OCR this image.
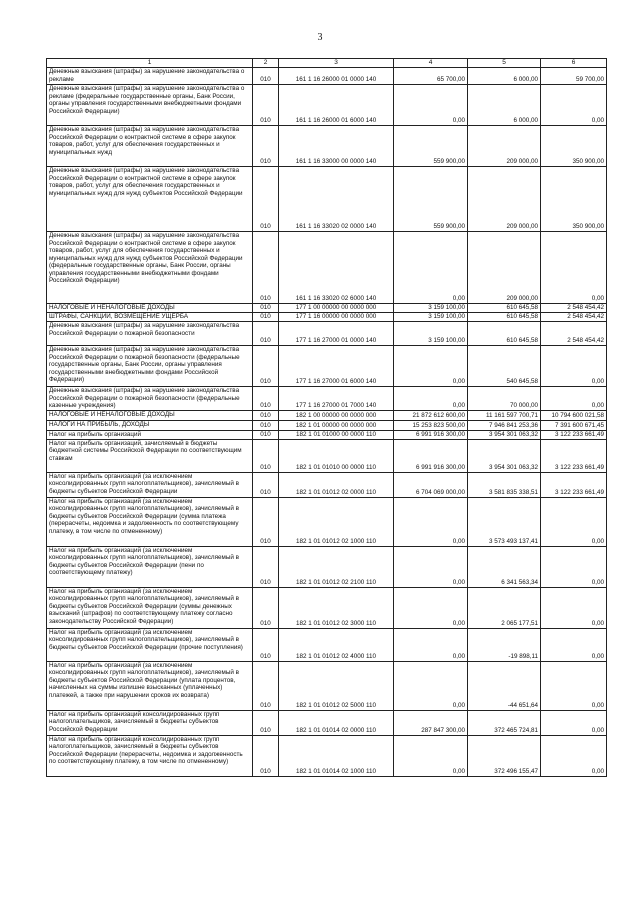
3
1	2	3	4	5	6
Денежные взыскания (штрафы) за нарушение законодательства о рекламе	010	161 1 16 26000 01 0000 140	65 700,00	6 000,00	59 700,00
Денежные взыскания (штрафы) за нарушение законодательства о рекламе (федеральные государственные органы, Банк России, органы управления государственными внебюджетными фондами Российской Федерации)	010	161 1 16 26000 01 6000 140	0,00	6 000,00	0,00
Денежные взыскания (штрафы) за нарушение законодательства Российской Федерации о контрактной системе в сфере закупок товаров, работ, услуг для обеспечения государственных и муниципальных нужд	010	161 1 16 33000 00 0000 140	559 900,00	209 000,00	350 900,00
Денежные взыскания (штрафы) за нарушение законодательства Российской Федерации о контрактной системе в сфере закупок товаров, работ, услуг для обеспечения государственных и муниципальных нужд для нужд субъектов Российской Федерации	010	161 1 16 33020 02 0000 140	559 900,00	209 000,00	350 900,00
Денежные взыскания (штрафы) за нарушение законодательства Российской Федерации о контрактной системе в сфере закупок товаров, работ, услуг для обеспечения государственных и муниципальных нужд для нужд субъектов Российской Федерации (федеральные государственные органы, Банк России, органы управления государственными внебюджетными фондами Российской Федерации)	010	161 1 16 33020 02 6000 140	0,00	209 000,00	0,00
НАЛОГОВЫЕ И НЕНАЛОГОВЫЕ ДОХОДЫ	010	177 1 00 00000 00 0000 000	3 159 100,00	610 645,58	2 548 454,42
ШТРАФЫ, САНКЦИИ, ВОЗМЕЩЕНИЕ УЩЕРБА	010	177 1 16 00000 00 0000 000	3 159 100,00	610 645,58	2 548 454,42
Денежные взыскания (штрафы) за нарушение законодательства Российской Федерации о пожарной безопасности	010	177 1 16 27000 01 0000 140	3 159 100,00	610 645,58	2 548 454,42
Денежные взыскания (штрафы) за нарушение законодательства Российской Федерации о пожарной безопасности (федеральные государственные органы, Банк России, органы управления государственными внебюджетными фондами Российской Федерации)	010	177 1 16 27000 01 6000 140	0,00	540 645,58	0,00
Денежные взыскания (штрафы) за нарушение законодательства Российской Федерации о пожарной безопасности (федеральные казенные учреждения)	010	177 1 16 27000 01 7000 140	0,00	70 000,00	0,00
НАЛОГОВЫЕ И НЕНАЛОГОВЫЕ ДОХОДЫ	010	182 1 00 00000 00 0000 000	21 872 612 600,00	11 161 597 700,71	10 794 600 021,58
НАЛОГИ НА ПРИБЫЛЬ, ДОХОДЫ	010	182 1 01 00000 00 0000 000	15 253 823 500,00	7 946 841 253,36	7 391 600 671,45
Налог на прибыль организаций	010	182 1 01 01000 00 0000 110	6 991 916 300,00	3 954 301 063,32	3 122 233 661,49
Налог на прибыль организаций, зачисляемый в бюджеты бюджетной системы Российской Федерации по соответствующим ставкам	010	182 1 01 01010 00 0000 110	6 991 916 300,00	3 954 301 063,32	3 122 233 661,49
Налог на прибыль организаций (за исключением консолидированных групп налогоплательщиков), зачисляемый в бюджеты субъектов Российской Федерации	010	182 1 01 01012 02 0000 110	6 704 069 000,00	3 581 835 338,51	3 122 233 661,49
Налог на прибыль организаций (за исключением консолидированных групп налогоплательщиков), зачисляемый в бюджеты субъектов Российской Федерации (сумма платежа (перерасчеты, недоимка и задолженность по соответствующему платежу, в том числе по отмененному)	010	182 1 01 01012 02 1000 110	0,00	3 573 493 137,41	0,00
Налог на прибыль организаций (за исключением консолидированных групп налогоплательщиков), зачисляемый в бюджеты субъектов Российской Федерации (пени по соответствующему платежу)	010	182 1 01 01012 02 2100 110	0,00	6 341 563,34	0,00
Налог на прибыль организаций (за исключением консолидированных групп налогоплательщиков), зачисляемый в бюджеты субъектов Российской Федерации (суммы денежных взысканий (штрафов) по соответствующему платежу согласно законодательству Российской Федерации)	010	182 1 01 01012 02 3000 110	0,00	2 065 177,51	0,00
Налог на прибыль организаций (за исключением консолидированных групп налогоплательщиков), зачисляемый в бюджеты субъектов Российской Федерации (прочие поступления)	010	182 1 01 01012 02 4000 110	0,00	-19 898,11	0,00
Налог на прибыль организаций (за исключением консолидированных групп налогоплательщиков), зачисляемый в бюджеты субъектов Российской Федерации (уплата процентов, начисленных на суммы излишне взысканных (уплаченных) платежей, а также при нарушении сроков их возврата)	010	182 1 01 01012 02 5000 110	0,00	-44 651,64	0,00
Налог на прибыль организаций консолидированных групп налогоплательщиков, зачисляемый в бюджеты субъектов Российской Федерации	010	182 1 01 01014 02 0000 110	287 847 300,00	372 465 724,81	0,00
Налог на прибыль организаций консолидированных групп налогоплательщиков, зачисляемый в бюджеты субъектов Российской Федерации (перерасчеты, недоимка и задолженность по соответствующему платежу, в том числе по отмененному)	010	182 1 01 01014 02 1000 110	0,00	372 496 155,47	0,00
